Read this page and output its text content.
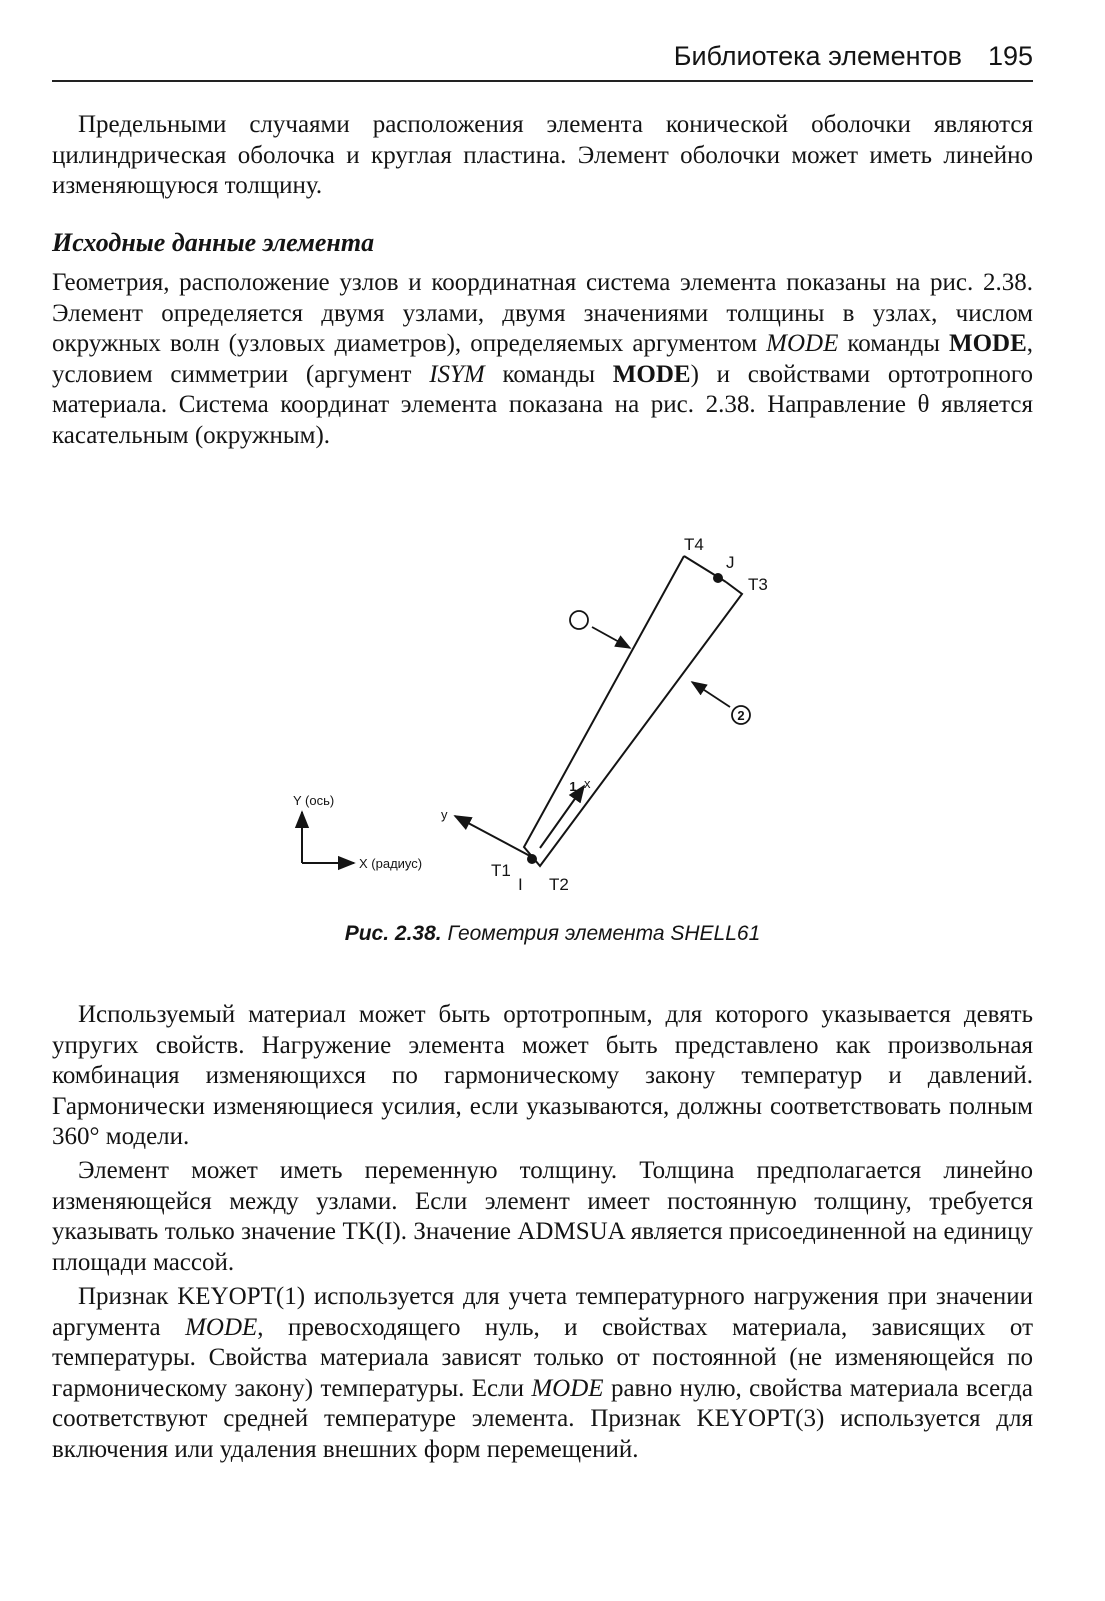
Библиотека элементов 195

Предельными случаями расположения элемента конической оболочки являются цилиндрическая оболочка и круглая пластина. Элемент оболочки может иметь линейно изменяющуюся толщину.

Исходные данные элемента

Геометрия, расположение узлов и координатная система элемента показаны на рис. 2.38. Элемент определяется двумя узлами, двумя значениями толщины в узлах, числом окружных волн (узловых диаметров), определяемых аргументом MODE команды MODE, условием симметрии (аргумент ISYM команды MODE) и свойствами ортотропного материала. Система координат элемента показана на рис. 2.38. Направление θ является касательным (окружным).

T4
J
T3
T1
I T2
1
2
x
y
Y (ось)
X (радиус)

Рис. 2.38. Геометрия элемента SHELL61

Используемый материал может быть ортотропным, для которого указывается девять упругих свойств. Нагружение элемента может быть представлено как произвольная комбинация изменяющихся по гармоническому закону температур и давлений. Гармонически изменяющиеся усилия, если указываются, должны соответствовать полным 360° модели.

Элемент может иметь переменную толщину. Толщина предполагается линейно изменяющейся между узлами. Если элемент имеет постоянную толщину, требуется указывать только значение TK(I). Значение ADMSUA является присоединенной на единицу площади массой.

Признак KEYOPT(1) используется для учета температурного нагружения при значении аргумента MODE, превосходящего нуль, и свойствах материала, зависящих от температуры. Свойства материала зависят только от постоянной (не изменяющейся по гармоническому закону) температуры. Если MODE равно нулю, свойства материала всегда соответствуют средней температуре элемента. Признак KEYOPT(3) используется для включения или удаления внешних форм перемещений.
